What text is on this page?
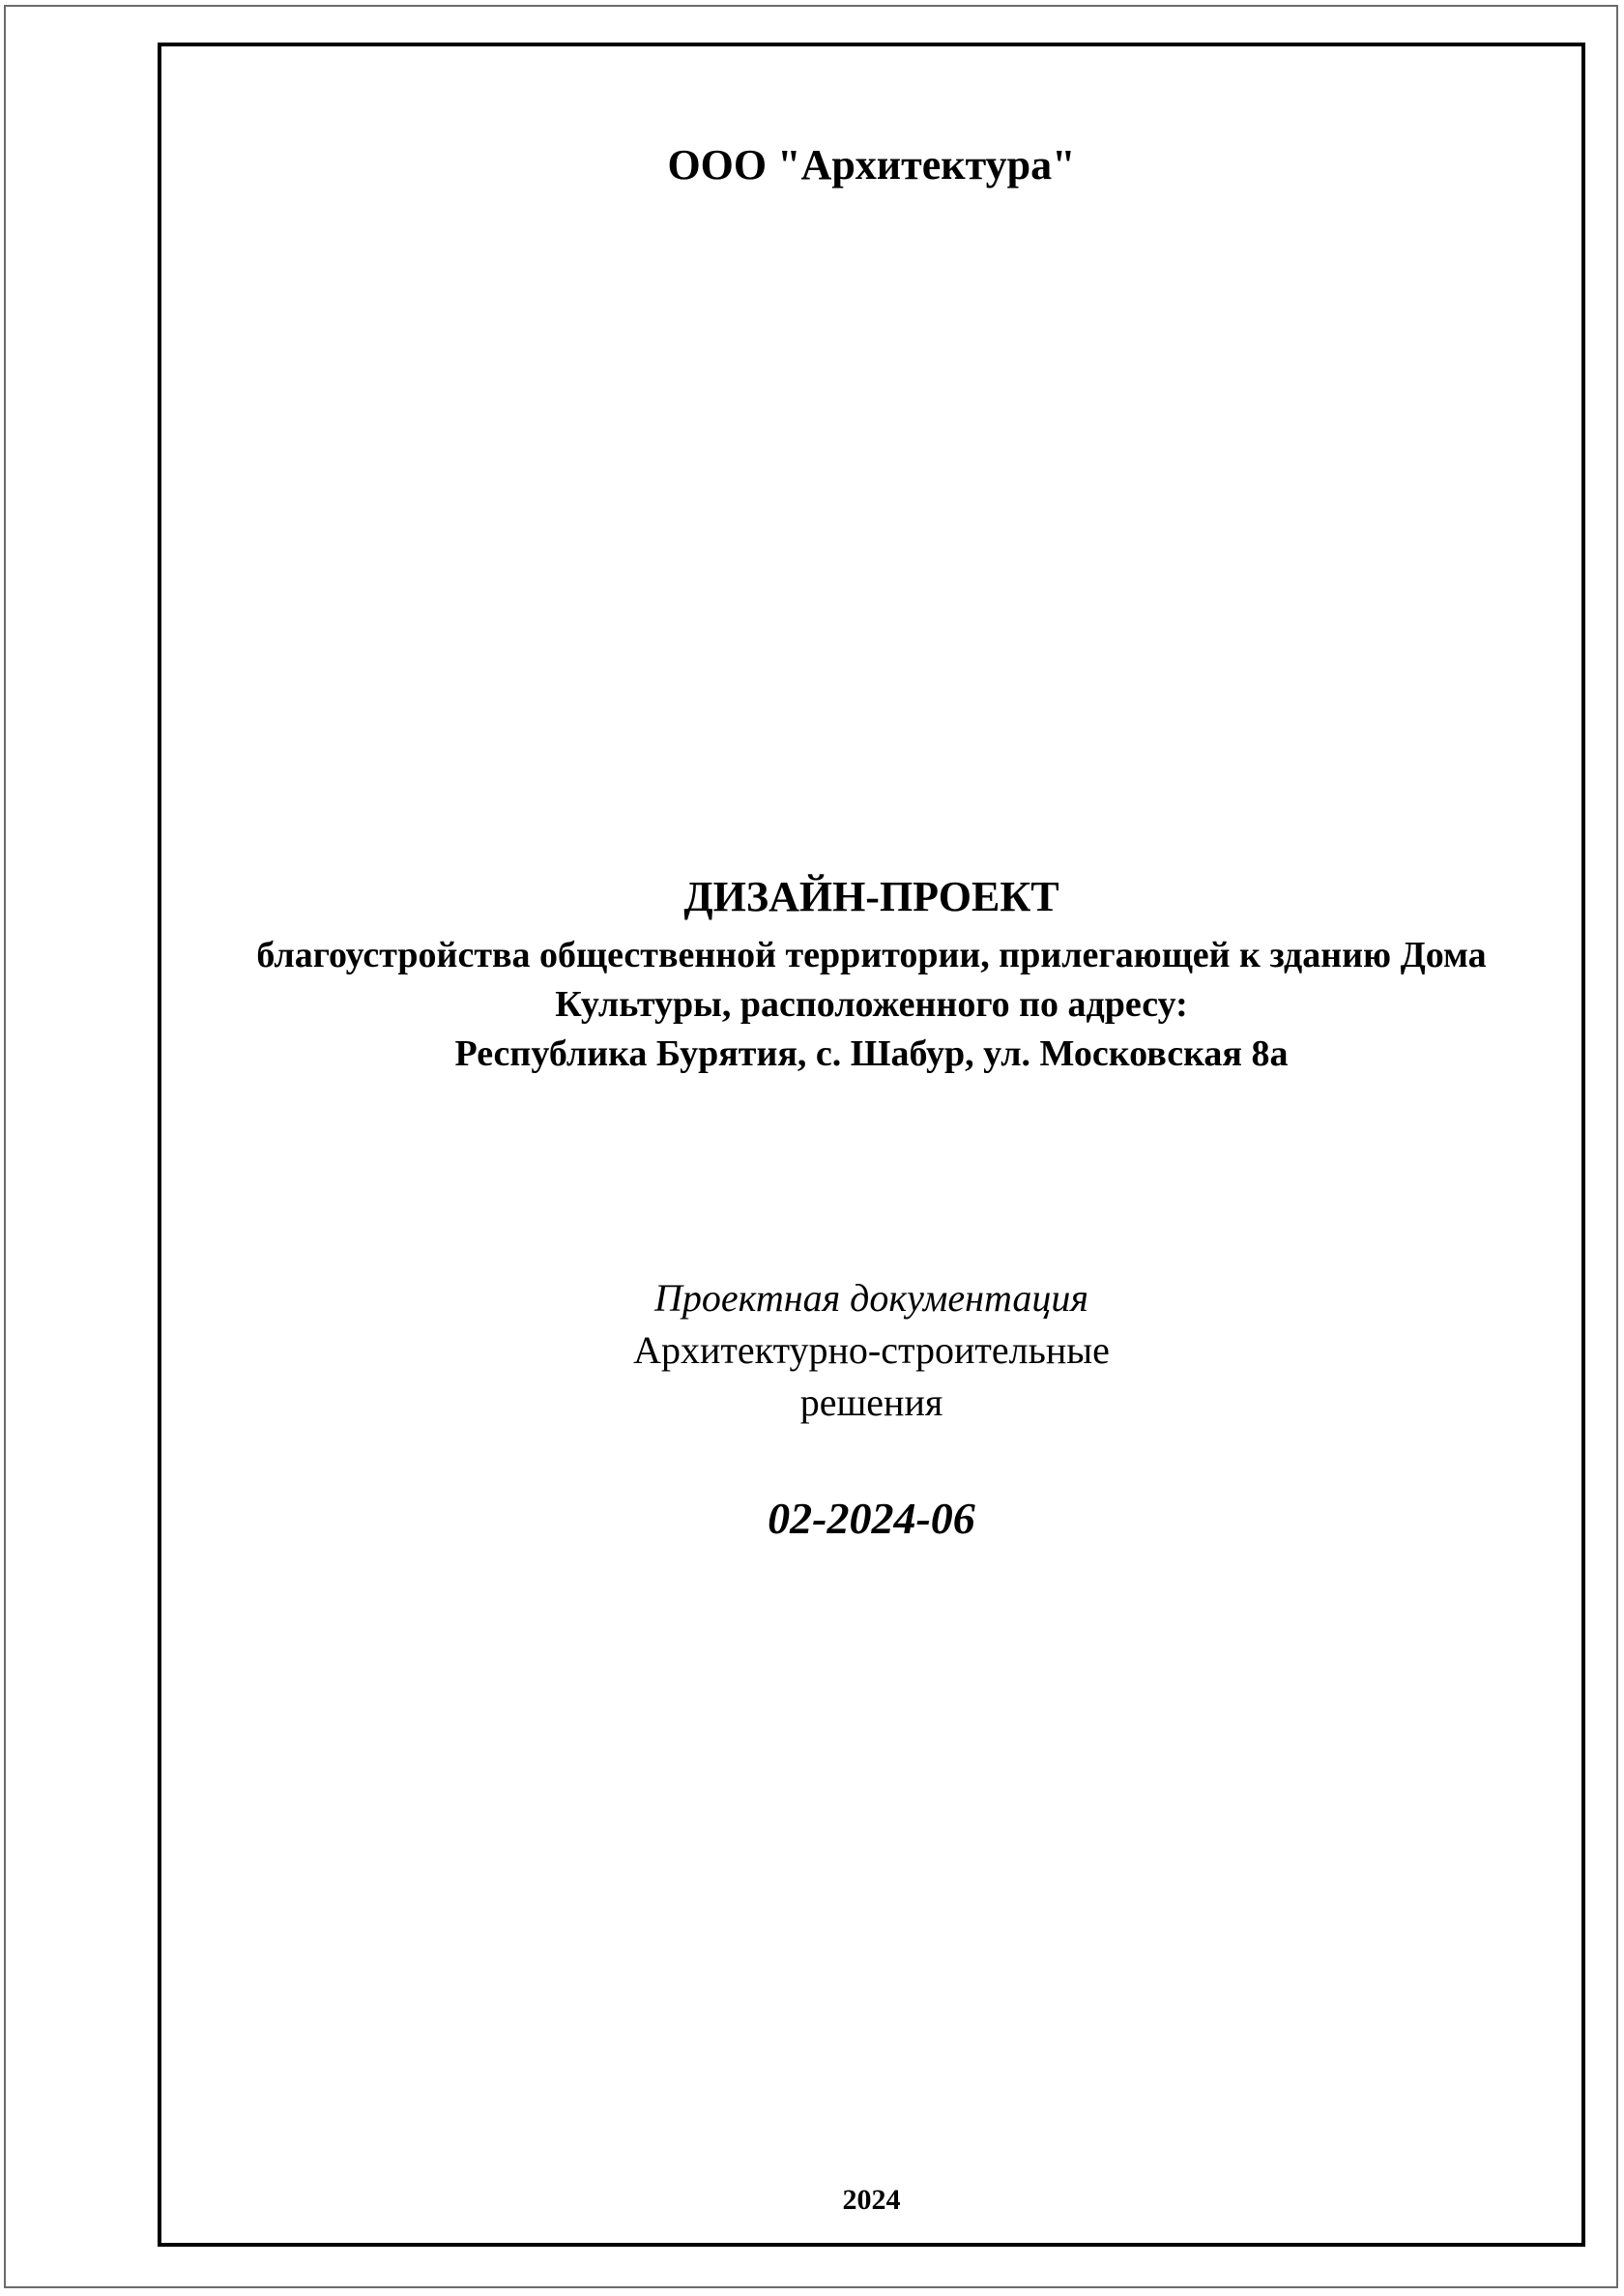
ООО "Архитектура"
ДИЗАЙН-ПРОЕКТ
благоустройства общественной территории, прилегающей к зданию Дома
Культуры, расположенного по адресу:
Республика Бурятия, с. Шабур, ул. Московская 8а
Проектная документация
Архитектурно-строительные
решения
02-2024-06
2024
